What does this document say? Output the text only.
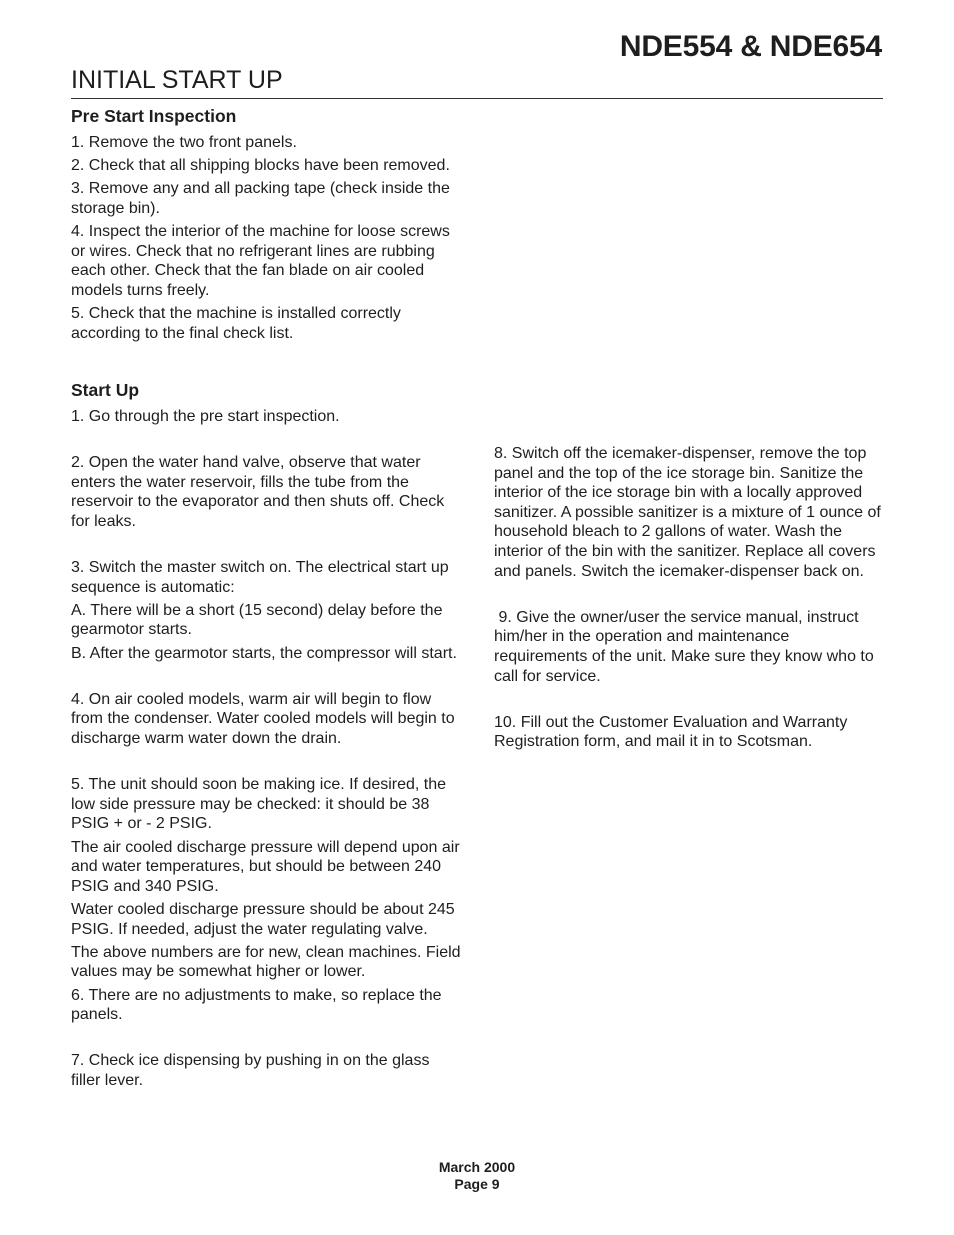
NDE554 & NDE654
INITIAL START UP
Pre Start Inspection

1. Remove the two front panels.

2. Check that all shipping blocks have been removed.

3. Remove any and all packing tape (check inside the storage bin).

4. Inspect the interior of the machine for loose screws or wires. Check that no refrigerant lines are rubbing each other. Check that the fan blade on air cooled models turns freely.

5. Check that the machine is installed correctly according to the final check list.

Start Up

1. Go through the pre start inspection.

2. Open the water hand valve, observe that water enters the water reservoir, fills the tube from the reservoir to the evaporator and then shuts off. Check for leaks.

3. Switch the master switch on. The electrical start up sequence is automatic:

A. There will be a short (15 second) delay before the gearmotor starts.

B. After the gearmotor starts, the compressor will start.

4. On air cooled models, warm air will begin to flow from the condenser. Water cooled models will begin to discharge warm water down the drain.

5. The unit should soon be making ice. If desired, the low side pressure may be checked: it should be 38 PSIG + or - 2 PSIG.

The air cooled discharge pressure will depend upon air and water temperatures, but should be between 240 PSIG and 340 PSIG.

Water cooled discharge pressure should be about 245 PSIG. If needed, adjust the water regulating valve.

The above numbers are for new, clean machines. Field values may be somewhat higher or lower.

6. There are no adjustments to make, so replace the panels.

7. Check ice dispensing by pushing in on the glass filler lever.

8. Switch off the icemaker-dispenser, remove the top panel and the top of the ice storage bin. Sanitize the interior of the ice storage bin with a locally approved sanitizer. A possible sanitizer is a mixture of 1 ounce of household bleach to 2 gallons of water. Wash the interior of the bin with the sanitizer. Replace all covers and panels. Switch the icemaker-dispenser back on.

9. Give the owner/user the service manual, instruct him/her in the operation and maintenance requirements of the unit. Make sure they know who to call for service.

10. Fill out the Customer Evaluation and Warranty Registration form, and mail it in to Scotsman.

March 2000
Page 9
